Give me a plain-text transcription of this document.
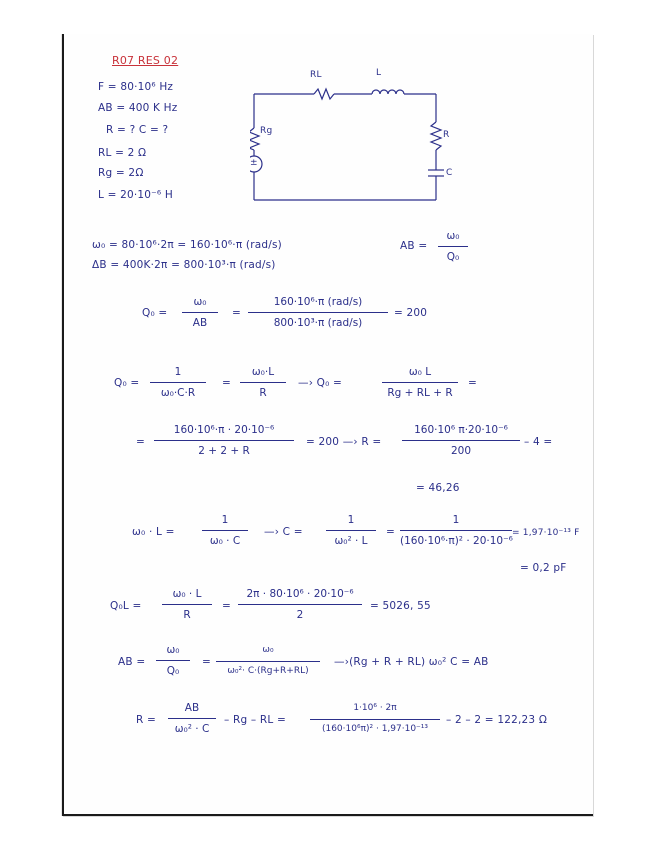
R07 RES 02
F = 80·10⁶ Hz
AB = 400 K Hz
R = ? C = ?
RL = 2 Ω
Rg = 2Ω
L = 20·10⁻⁶ H
RL	L
Rg	R
C
±
ω₀ = 80·10⁶·2π = 160·10⁶·π (rad/s)
ΔB = 400K·2π = 800·10³·π (rad/s)
AB =
ω₀
Q₀
Q₀ =
ω₀
AB
=
160·10⁶·π (rad/s)
800·10³·π (rad/s)
= 200
Q₀ =
1
ω₀·C·R
=
ω₀·L
R
—› Q₀ =
ω₀ L
Rg + RL + R
=
=
160·10⁶·π · 20·10⁻⁶
2 + 2 + R
= 200 —› R =
160·10⁶ π·20·10⁻⁶
200
– 4 =
= 46,26
ω₀ · L =
1
ω₀ · C
—› C =
1
ω₀² · L
=
1
(160·10⁶·π)² · 20·10⁻⁶
= 1,97·10⁻¹³ F
= 0,2 pF
Q₀L =
ω₀ · L
R
=
2π · 80·10⁶ · 20·10⁻⁶
2
= 5026, 55
AB =
ω₀
Q₀
=
ω₀
ω₀²· C·(Rg+R+RL)
—›(Rg + R + RL) ω₀² C = AB
R =
AB
ω₀² · C
– Rg – RL =
1·10⁶ · 2π
(160·10⁶π)² · 1,97·10⁻¹³
– 2 – 2 = 122,23 Ω
